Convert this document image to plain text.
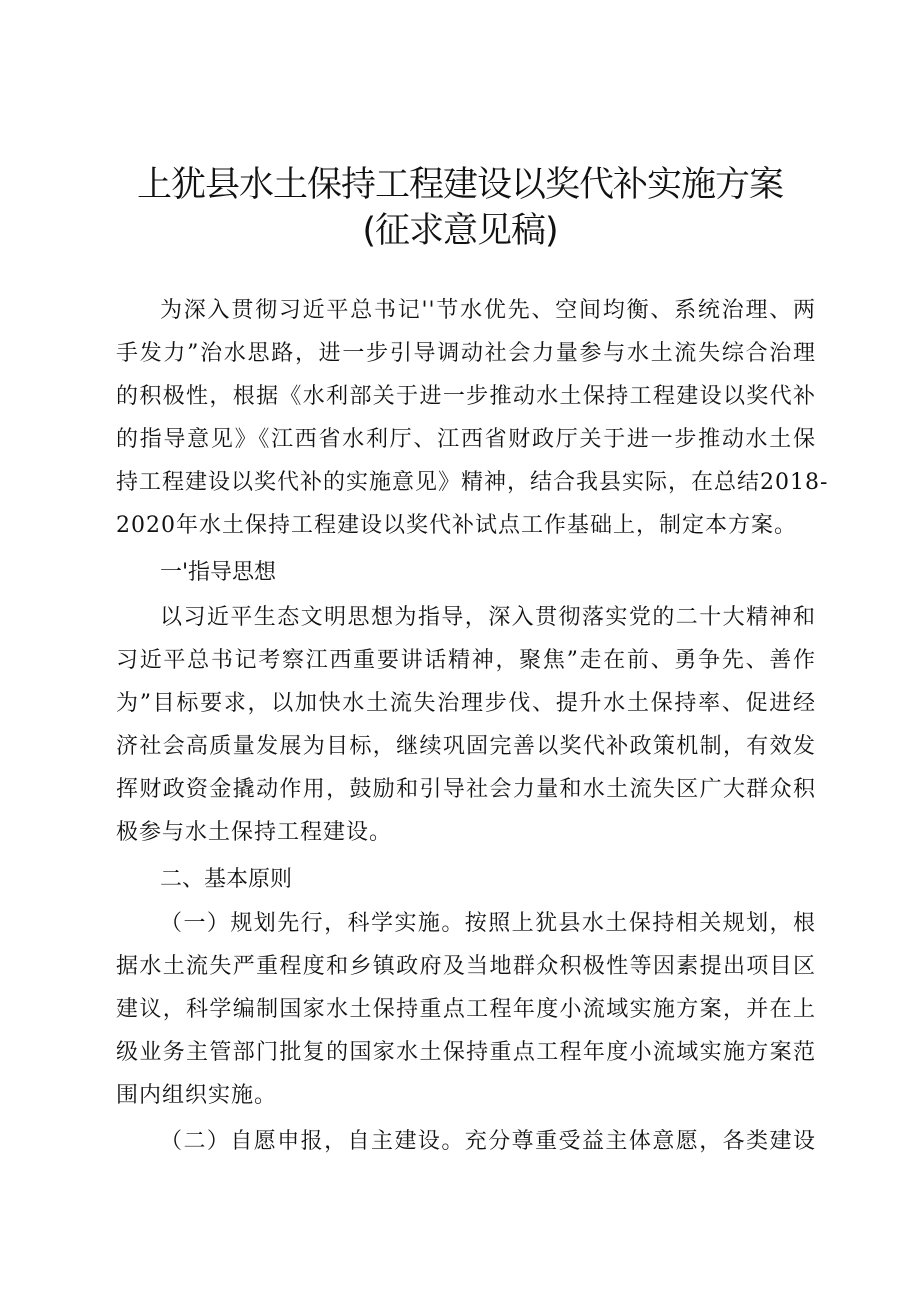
上犹县水土保持工程建设以奖代补实施方案
(征求意见稿)
为深入贯彻习近平总书记''节水优先、空间均衡、系统治理、两
手发力”治水思路，进一步引导调动社会力量参与水土流失综合治理
的积极性，根据《水利部关于进一步推动水土保持工程建设以奖代补
的指导意见》《江西省水利厅、江西省财政厅关于进一步推动水土保
持工程建设以奖代补的实施意见》精神，结合我县实际，在总结2018-
2020年水土保持工程建设以奖代补试点工作基础上，制定本方案。
一'指导思想
以习近平生态文明思想为指导，深入贯彻落实党的二十大精神和
习近平总书记考察江西重要讲话精神，聚焦”走在前、勇争先、善作
为”目标要求，以加快水土流失治理步伐、提升水土保持率、促进经
济社会高质量发展为目标，继续巩固完善以奖代补政策机制，有效发
挥财政资金撬动作用，鼓励和引导社会力量和水土流失区广大群众积
极参与水土保持工程建设。
二、基本原则
（一）规划先行，科学实施。按照上犹县水土保持相关规划，根
据水土流失严重程度和乡镇政府及当地群众积极性等因素提出项目区
建议，科学编制国家水土保持重点工程年度小流域实施方案，并在上
级业务主管部门批复的国家水土保持重点工程年度小流域实施方案范
围内组织实施。
（二）自愿申报，自主建设。充分尊重受益主体意愿，各类建设
